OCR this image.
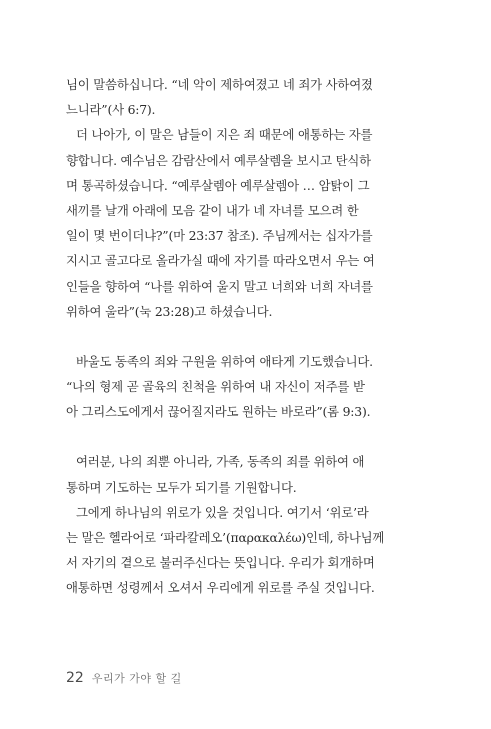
님이 말씀하십니다. “네 악이 제하여졌고 네 죄가 사하여졌
느니라”(사 6:7).
더 나아가, 이 말은 남들이 지은 죄 때문에 애통하는 자를
향합니다. 예수님은 감람산에서 예루살렘을 보시고 탄식하
며 통곡하셨습니다. “예루살렘아 예루살렘아 … 암탉이 그
새끼를 날개 아래에 모음 같이 내가 네 자녀를 모으려 한
일이 몇 번이더냐?”(마 23:37 참조). 주님께서는 십자가를
지시고 골고다로 올라가실 때에 자기를 따라오면서 우는 여
인들을 향하여 “나를 위하여 울지 말고 너희와 너희 자녀를
위하여 울라”(눅 23:28)고 하셨습니다.
바울도 동족의 죄와 구원을 위하여 애타게 기도했습니다.
“나의 형제 곧 골육의 친척을 위하여 내 자신이 저주를 받
아 그리스도에게서 끊어질지라도 원하는 바로라”(롬 9:3).
여러분, 나의 죄뿐 아니라, 가족, 동족의 죄를 위하여 애
통하며 기도하는 모두가 되기를 기원합니다.
그에게 하나님의 위로가 있을 것입니다. 여기서 ‘위로’라
는 말은 헬라어로 ‘파라칼레오’(παρακαλέω)인데, 하나님께
서 자기의 곁으로 불러주신다는 뜻입니다. 우리가 회개하며
애통하면 성령께서 오셔서 우리에게 위로를 주실 것입니다.
22 우리가 가야 할 길
